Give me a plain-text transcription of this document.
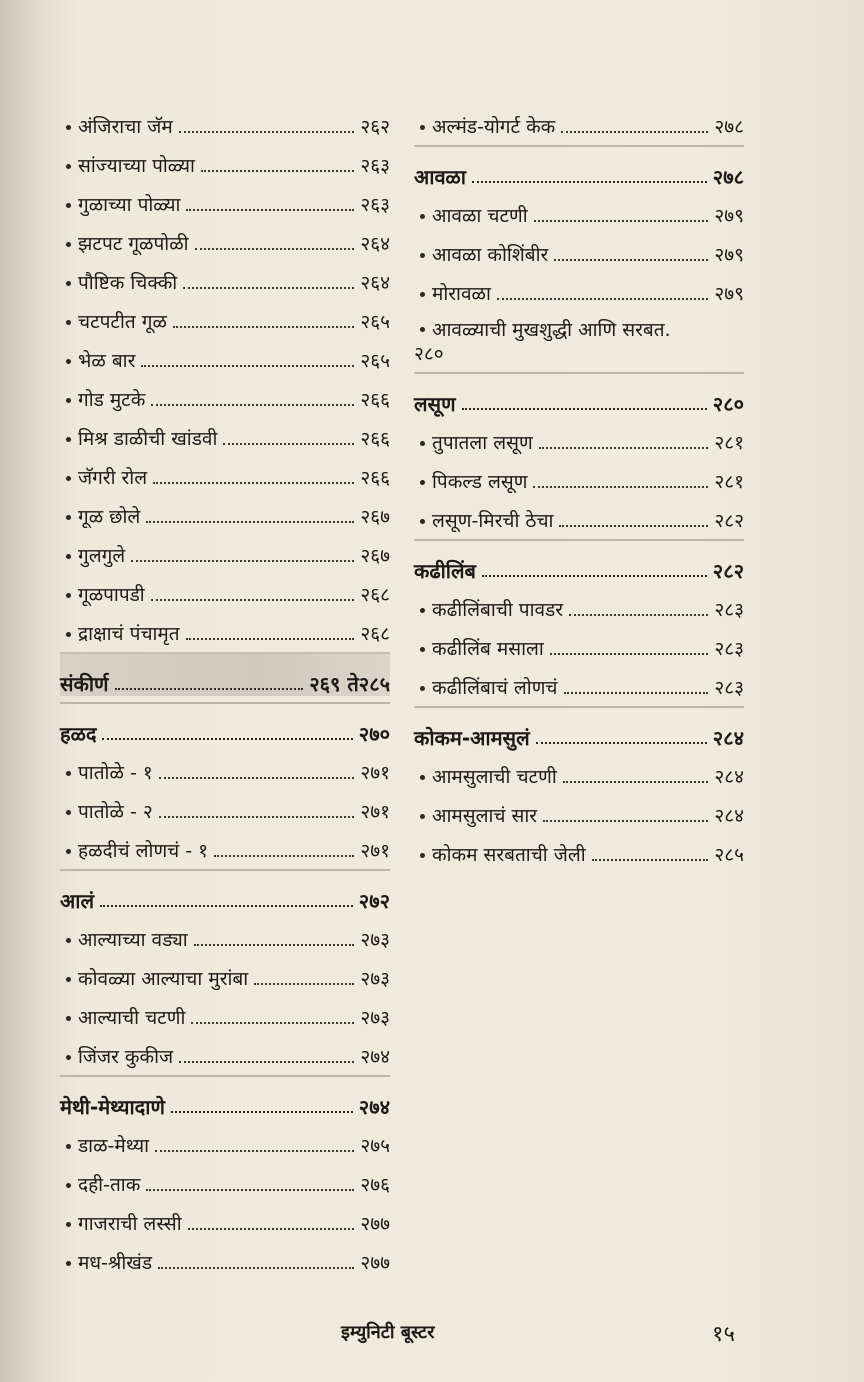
अंजिराचा जॅम	२६२
सांज्याच्या पोळ्या	२६३
गुळाच्या पोळ्या	२६३
झटपट गूळपोळी	२६४
पौष्टिक चिक्की	२६४
चटपटीत गूळ	२६५
भेळ बार	२६५
गोड मुटके	२६६
मिश्र डाळीची खांडवी	२६६
जॅगरी रोल	२६६
गूळ छोले	२६७
गुलगुले	२६७
गूळपापडी	२६८
द्राक्षाचं पंचामृत	२६८
संकीर्ण	२६९ ते२८५
हळद	२७०
पातोळे - १	२७१
पातोळे - २	२७१
हळदीचं लोणचं - १	२७१
आलं	२७२
आल्याच्या वड्या	२७३
कोवळ्या आल्याचा मुरांबा	२७३
आल्याची चटणी	२७३
जिंजर कुकीज	२७४
मेथी-मेथ्यादाणे	२७४
डाळ-मेथ्या	२७५
दही-ताक	२७६
गाजराची लस्सी	२७७
मध-श्रीखंड	२७७
अल्मंड-योगर्ट केक	२७८
आवळा	२७८
आवळा चटणी	२७९
आवळा कोशिंबीर	२७९
मोरावळा	२७९
आवळ्याची मुखशुद्धी आणि सरबत.
२८०
लसूण	२८०
तुपातला लसूण	२८१
पिकल्ड लसूण	२८१
लसूण-मिरची ठेचा	२८२
कढीलिंब	२८२
कढीलिंबाची पावडर	२८३
कढीलिंब मसाला	२८३
कढीलिंबाचं लोणचं	२८३
कोकम-आमसुलं	२८४
आमसुलाची चटणी	२८४
आमसुलाचं सार	२८४
कोकम सरबताची जेली	२८५
इम्युनिटी बूस्टर	१५
